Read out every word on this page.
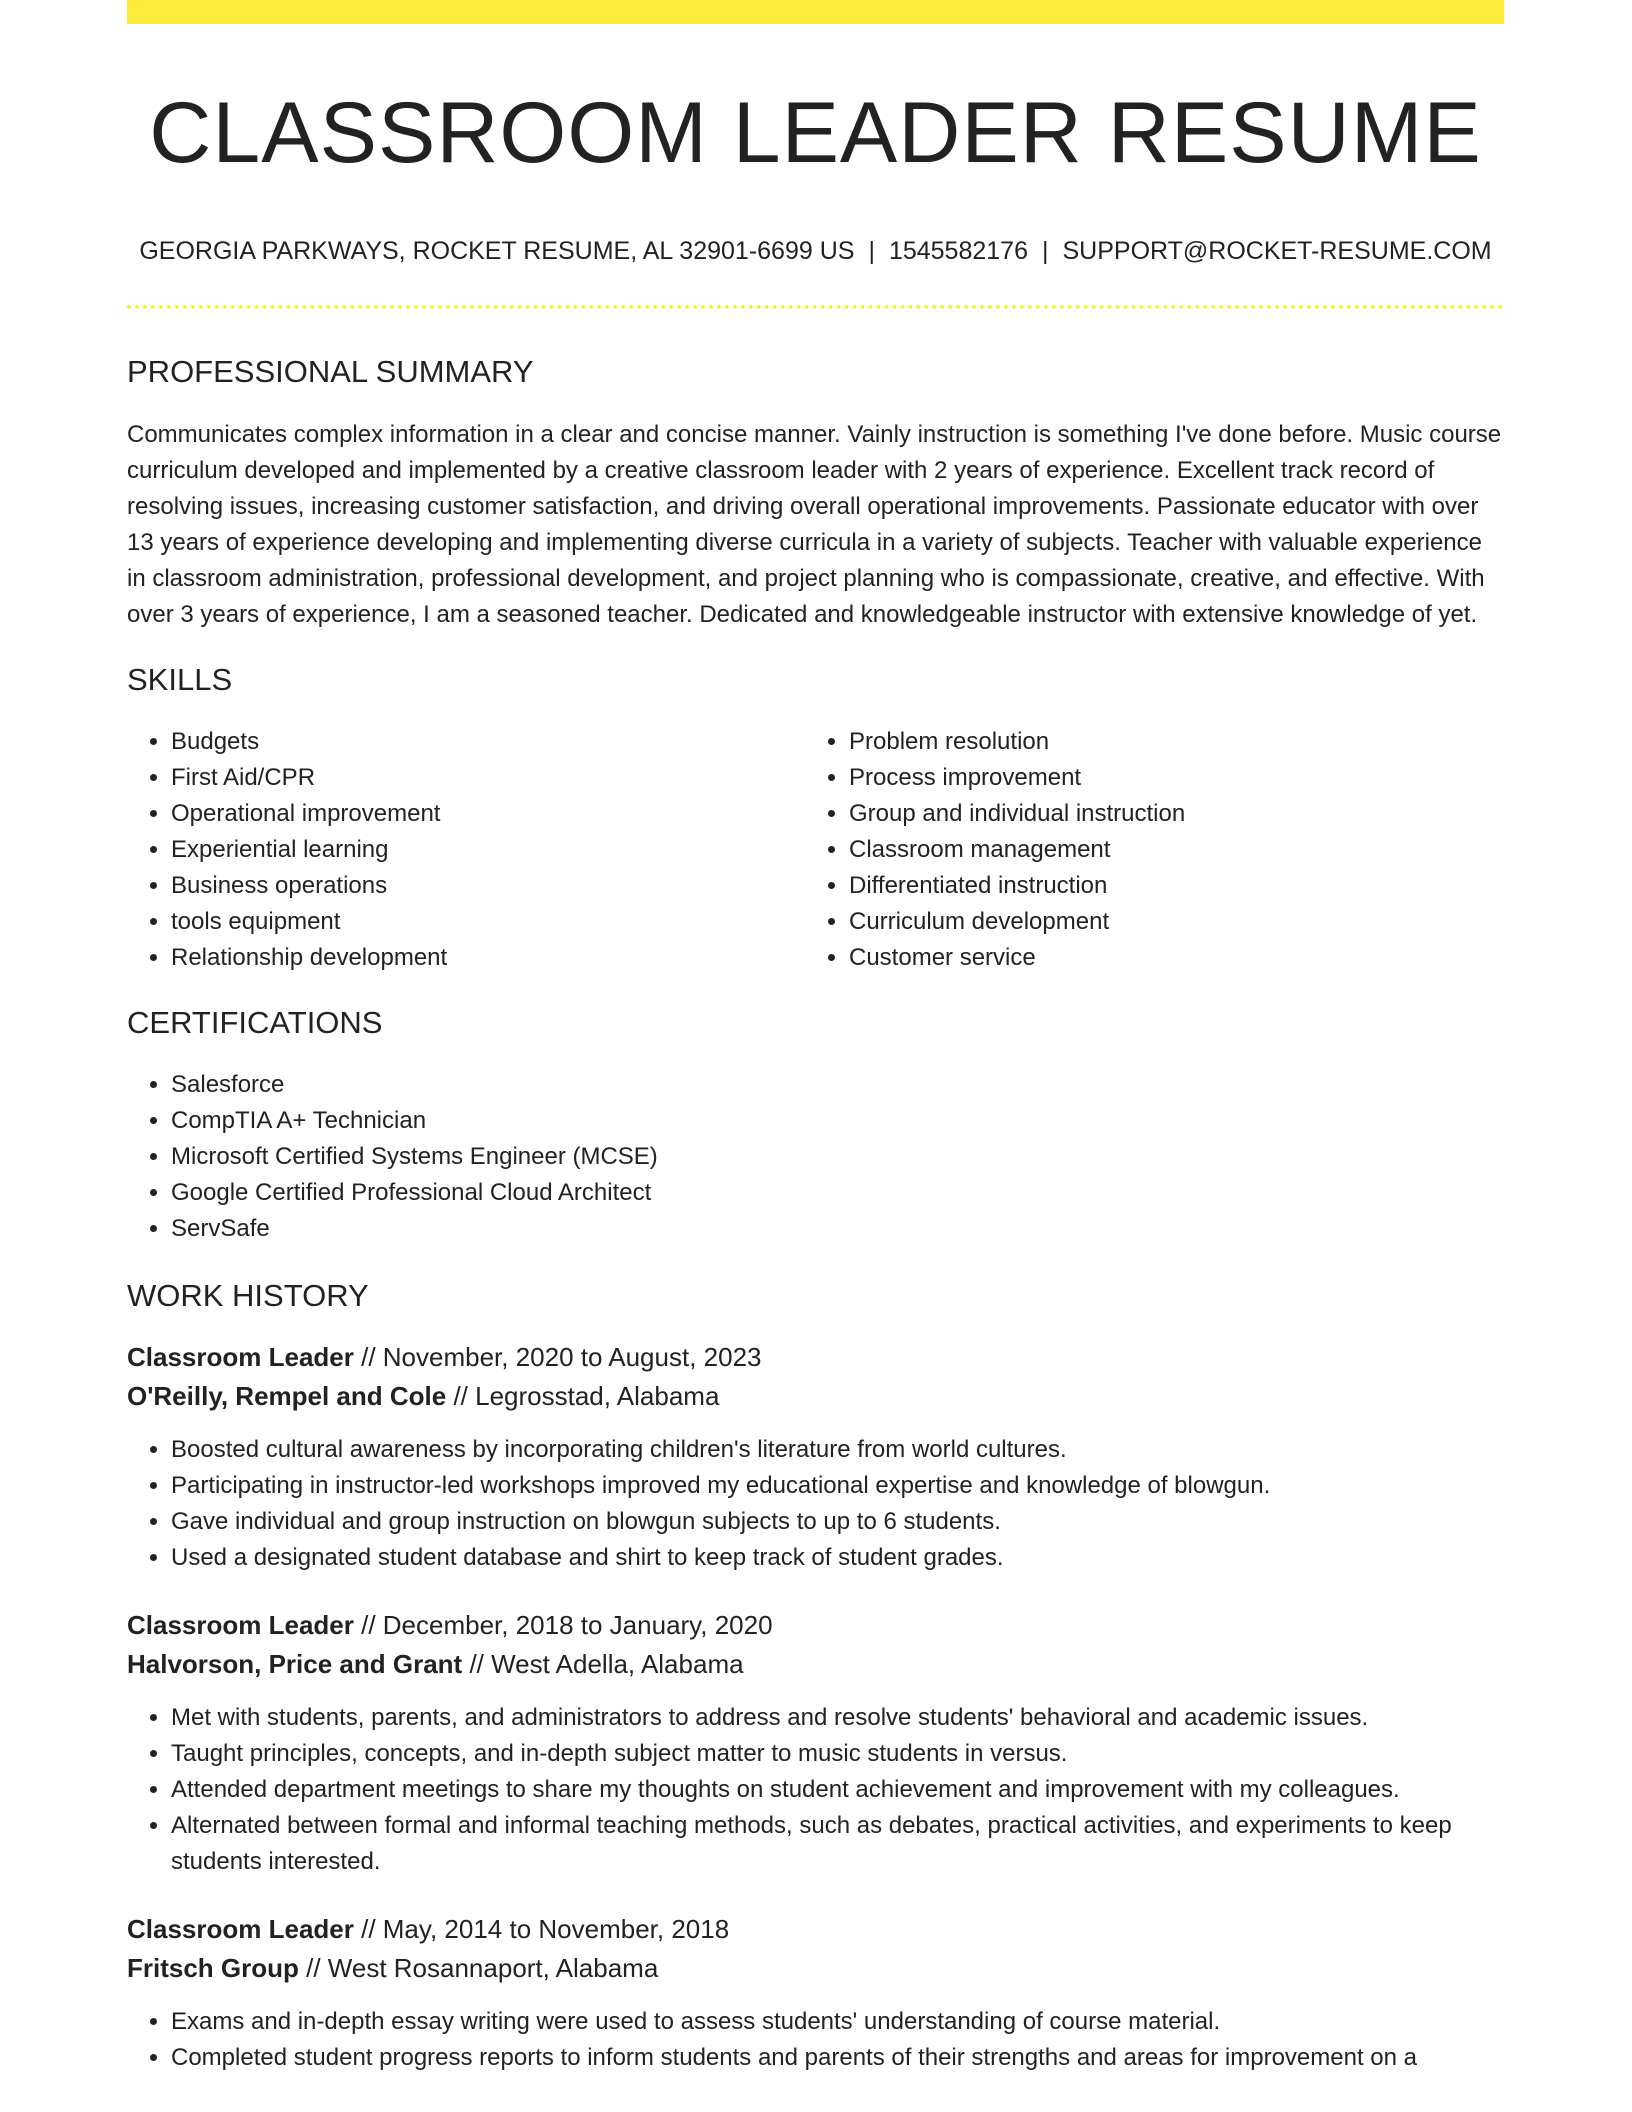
CLASSROOM LEADER RESUME
GEORGIA PARKWAYS, ROCKET RESUME, AL 32901-6699 US | 1545582176 | SUPPORT@ROCKET-RESUME.COM
PROFESSIONAL SUMMARY
Communicates complex information in a clear and concise manner. Vainly instruction is something I've done before. Music course curriculum developed and implemented by a creative classroom leader with 2 years of experience. Excellent track record of resolving issues, increasing customer satisfaction, and driving overall operational improvements. Passionate educator with over 13 years of experience developing and implementing diverse curricula in a variety of subjects. Teacher with valuable experience in classroom administration, professional development, and project planning who is compassionate, creative, and effective. With over 3 years of experience, I am a seasoned teacher. Dedicated and knowledgeable instructor with extensive knowledge of yet.
SKILLS
• Budgets
• First Aid/CPR
• Operational improvement
• Experiential learning
• Business operations
• tools equipment
• Relationship development
• Problem resolution
• Process improvement
• Group and individual instruction
• Classroom management
• Differentiated instruction
• Curriculum development
• Customer service
CERTIFICATIONS
• Salesforce
• CompTIA A+ Technician
• Microsoft Certified Systems Engineer (MCSE)
• Google Certified Professional Cloud Architect
• ServSafe
WORK HISTORY
Classroom Leader // November, 2020 to August, 2023
O'Reilly, Rempel and Cole // Legrosstad, Alabama
• Boosted cultural awareness by incorporating children's literature from world cultures.
• Participating in instructor-led workshops improved my educational expertise and knowledge of blowgun.
• Gave individual and group instruction on blowgun subjects to up to 6 students.
• Used a designated student database and shirt to keep track of student grades.
Classroom Leader // December, 2018 to January, 2020
Halvorson, Price and Grant // West Adella, Alabama
• Met with students, parents, and administrators to address and resolve students' behavioral and academic issues.
• Taught principles, concepts, and in-depth subject matter to music students in versus.
• Attended department meetings to share my thoughts on student achievement and improvement with my colleagues.
• Alternated between formal and informal teaching methods, such as debates, practical activities, and experiments to keep students interested.
Classroom Leader // May, 2014 to November, 2018
Fritsch Group // West Rosannaport, Alabama
• Exams and in-depth essay writing were used to assess students' understanding of course material.
• Completed student progress reports to inform students and parents of their strengths and areas for improvement on a
